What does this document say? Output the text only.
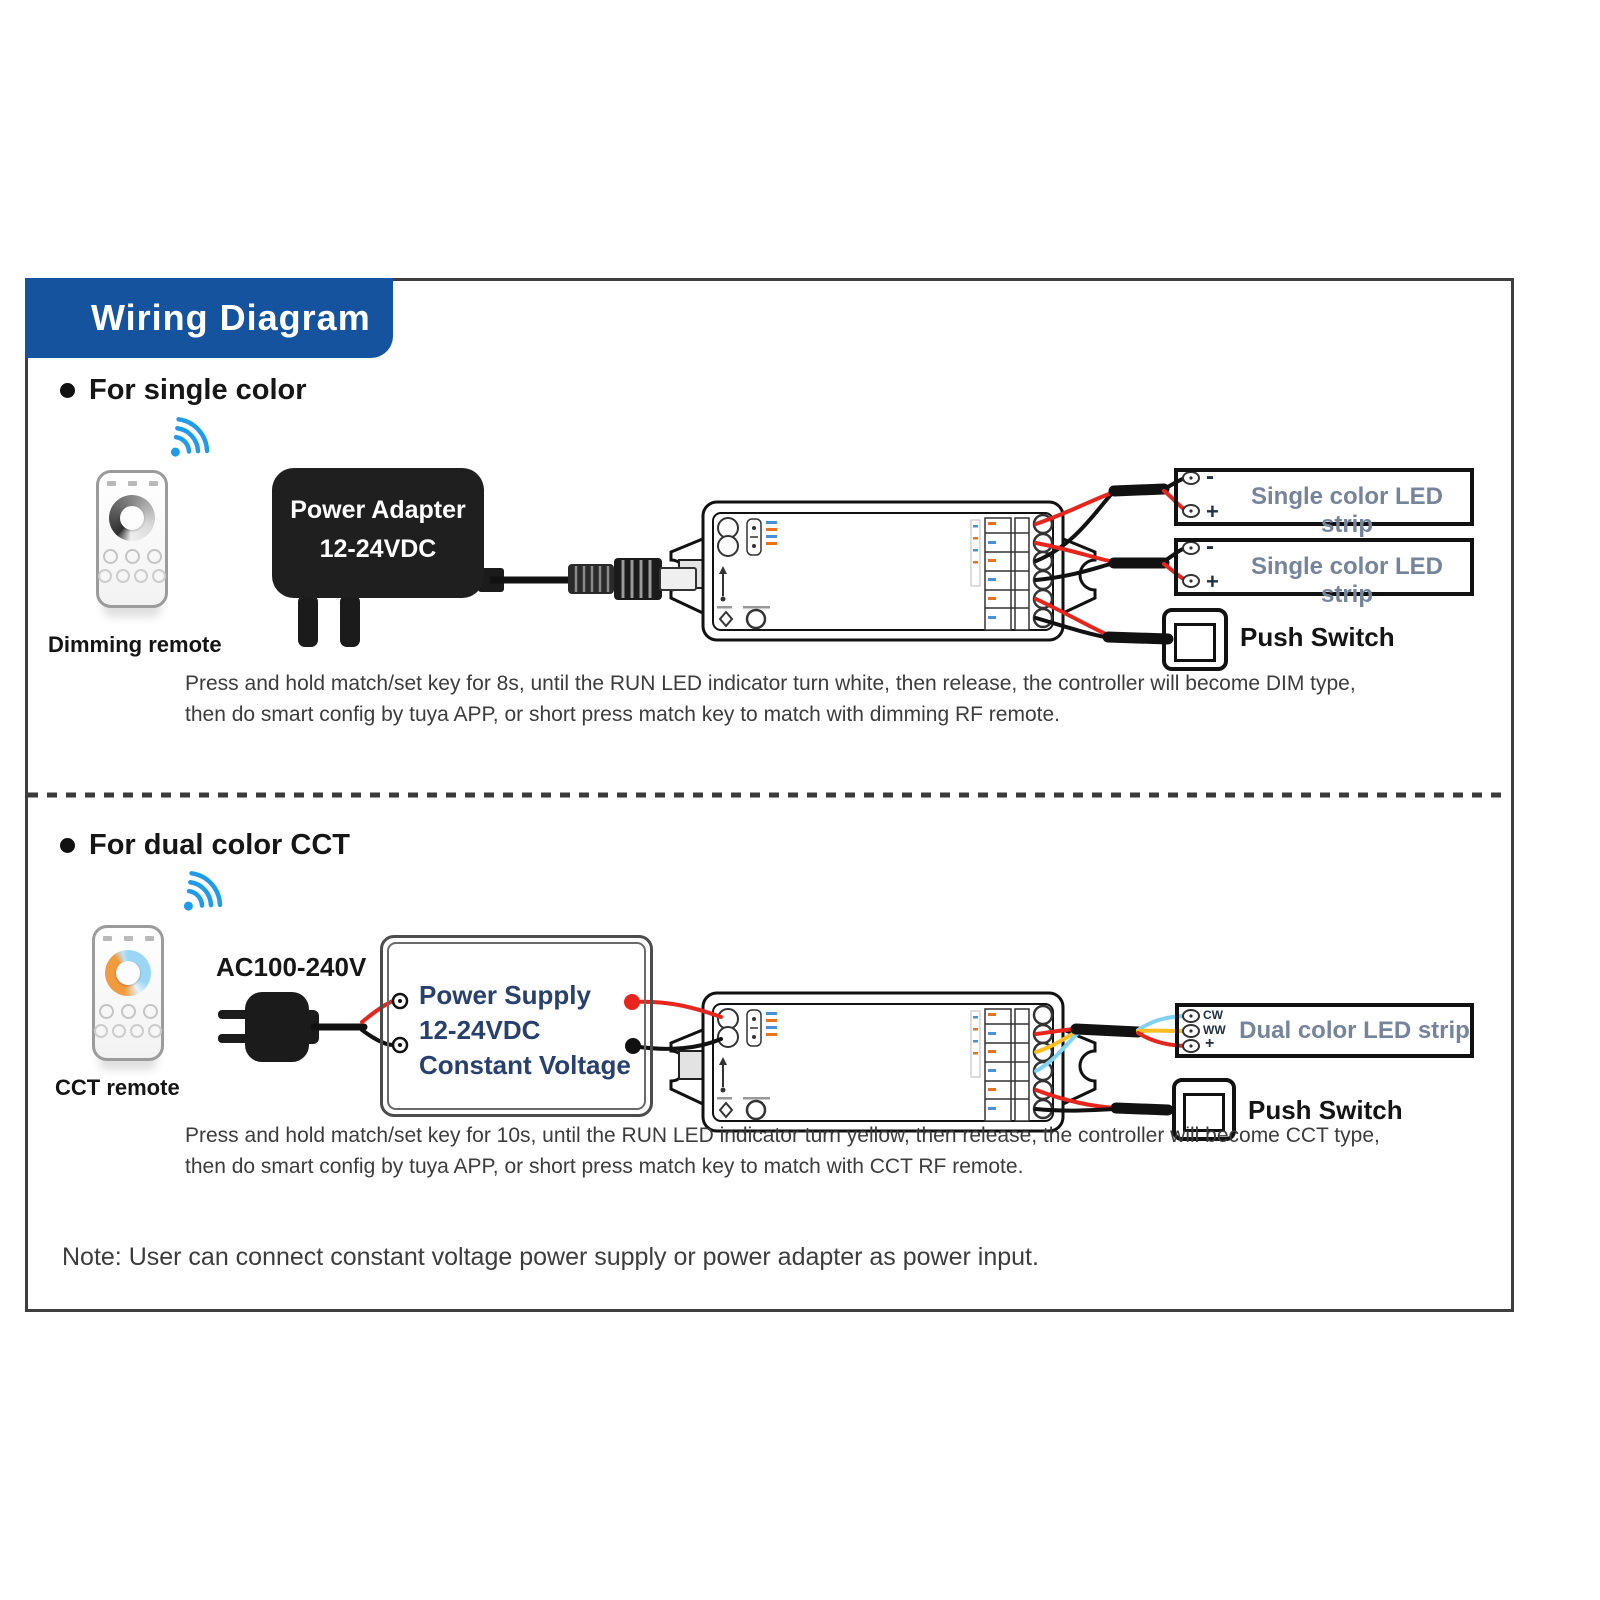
Wiring Diagram
For single color
Dimming remote
Power Adapter
12-24VDC
Single color LED strip
-
+
Single color LED strip
-
+
Push Switch
Press and hold match/set key for 8s, until the RUN LED indicator turn white, then release, the controller will become DIM type,
then do smart config by tuya APP, or short press match key to match with dimming RF remote.
For dual color CCT
CCT remote
AC100-240V
Power Supply
12-24VDC
Constant Voltage
Dual color LED strip
CW
WW
+
Push Switch
Press and hold match/set key for 10s, until the RUN LED indicator turn yellow, then release, the controller will become CCT type,
then do smart config by tuya APP, or short press match key to match with CCT RF remote.
Note: User can connect constant voltage power supply or power adapter as power input.
